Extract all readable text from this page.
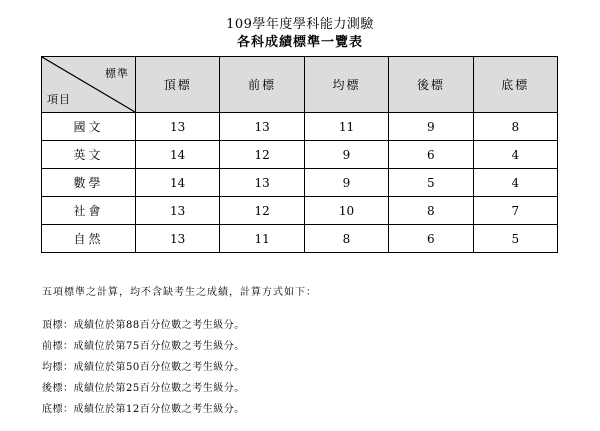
109學年度學科能力測驗
各科成績標準一覽表
標準
項目	頂標	前標	均標	後標	底標
國文	13	13	11	9	8
英文	14	12	9	6	4
數學	14	13	9	5	4
社會	13	12	10	8	7
自然	13	11	8	6	5
五項標準之計算，均不含缺考生之成績，計算方式如下：
頂標：成績位於第88百分位數之考生級分。
前標：成績位於第75百分位數之考生級分。
均標：成績位於第50百分位數之考生級分。
後標：成績位於第25百分位數之考生級分。
底標：成績位於第12百分位數之考生級分。
